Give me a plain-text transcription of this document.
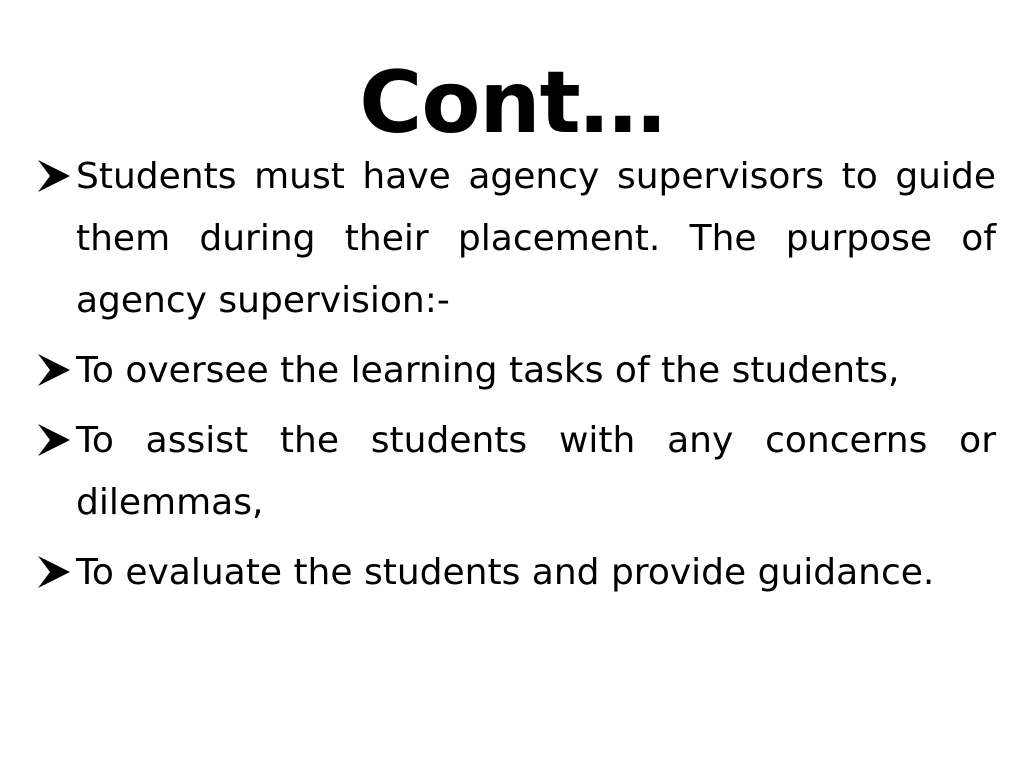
Cont…
Students must have agency supervisors to guide them during their placement. The purpose of agency supervision:-
To oversee the learning tasks of the students,
To assist the students with any concerns or dilemmas,
To evaluate the students and provide guidance.
